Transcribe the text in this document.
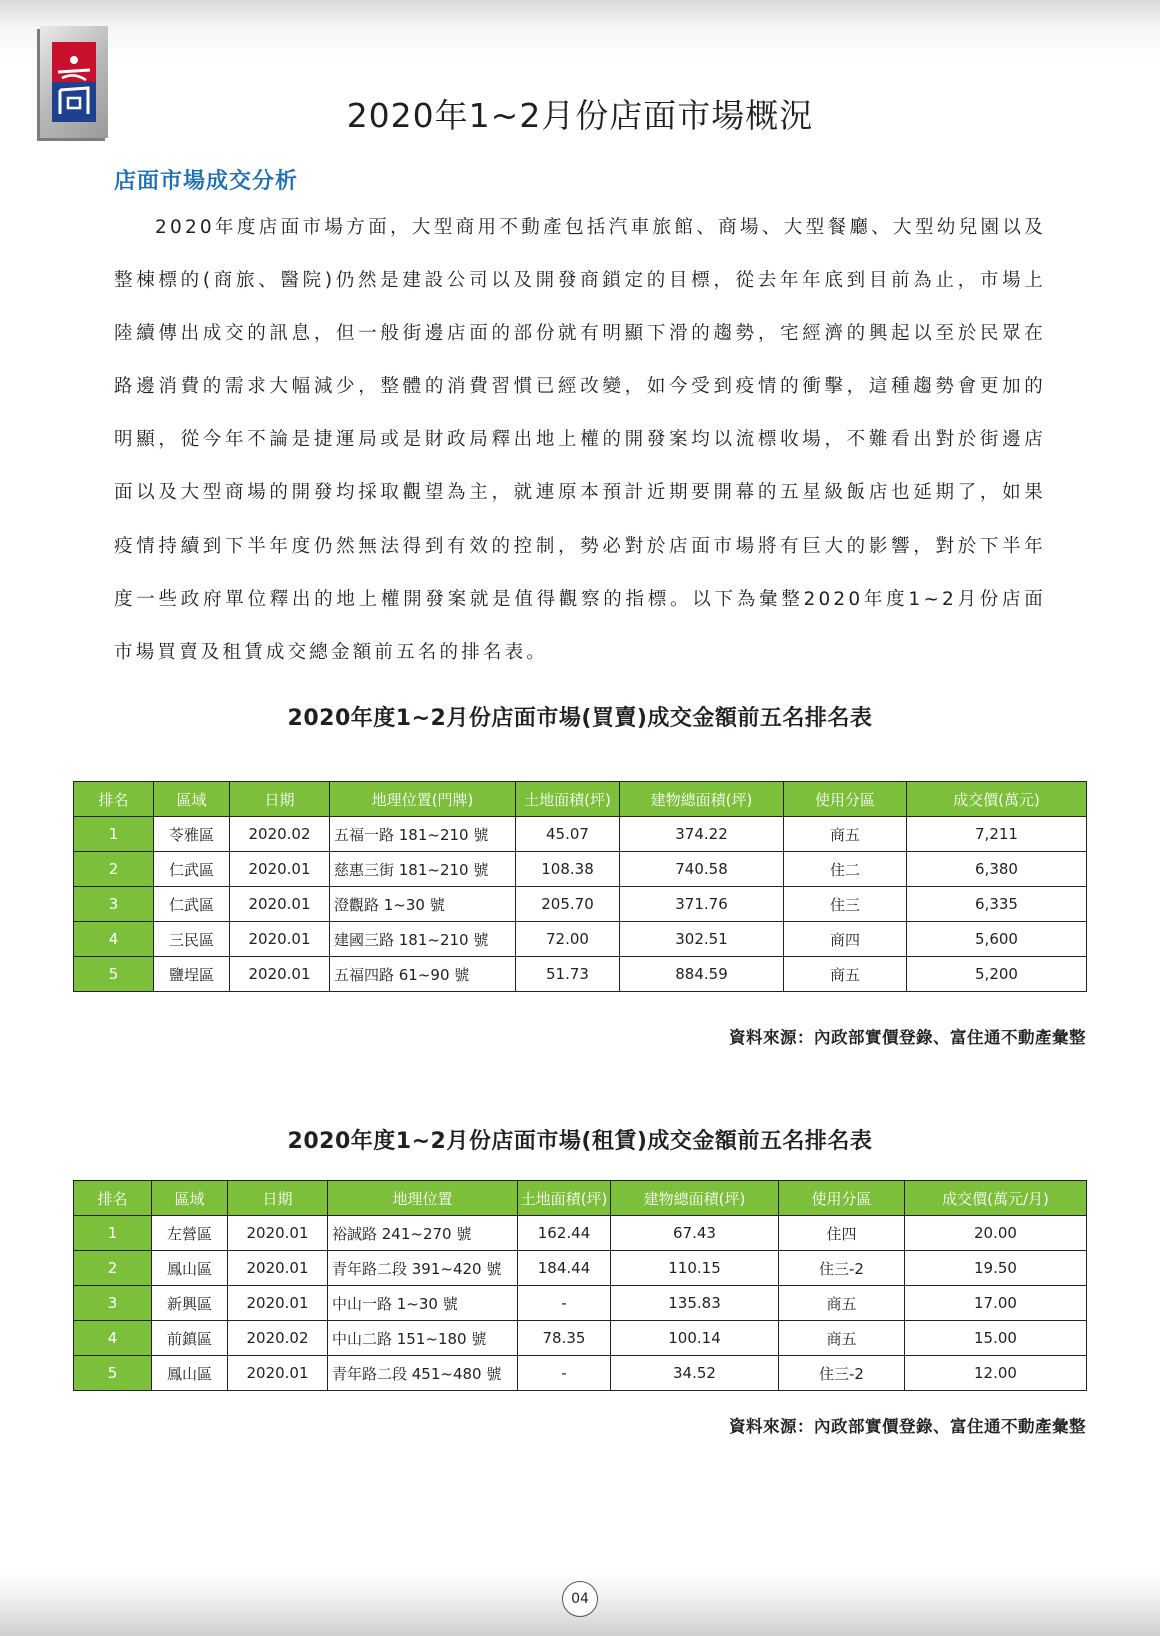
2020年1~2月份店面市場概況
店面市場成交分析
2020年度店面市場方面，大型商用不動產包括汽車旅館、商場、大型餐廳、大型幼兒園以及整棟標的(商旅、醫院)仍然是建設公司以及開發商鎖定的目標，從去年年底到目前為止，市場上陸續傳出成交的訊息，但一般街邊店面的部份就有明顯下滑的趨勢，宅經濟的興起以至於民眾在路邊消費的需求大幅減少，整體的消費習慣已經改變，如今受到疫情的衝擊，這種趨勢會更加的明顯，從今年不論是捷運局或是財政局釋出地上權的開發案均以流標收場，不難看出對於街邊店面以及大型商場的開發均採取觀望為主，就連原本預計近期要開幕的五星級飯店也延期了，如果疫情持續到下半年度仍然無法得到有效的控制，勢必對於店面市場將有巨大的影響，對於下半年度一些政府單位釋出的地上權開發案就是值得觀察的指標。以下為彙整2020年度1~2月份店面市場買賣及租賃成交總金額前五名的排名表。
2020年度1~2月份店面市場(買賣)成交金額前五名排名表
排名	區域	日期	地理位置(門牌)	土地面積(坪)	建物總面積(坪)	使用分區	成交價(萬元)
1	苓雅區	2020.02	五福一路 181~210 號	45.07	374.22	商五	7,211
2	仁武區	2020.01	慈惠三街 181~210 號	108.38	740.58	住二	6,380
3	仁武區	2020.01	澄觀路 1~30 號	205.70	371.76	住三	6,335
4	三民區	2020.01	建國三路 181~210 號	72.00	302.51	商四	5,600
5	鹽埕區	2020.01	五福四路 61~90 號	51.73	884.59	商五	5,200
資料來源：內政部實價登錄、富住通不動產彙整
2020年度1~2月份店面市場(租賃)成交金額前五名排名表
排名	區域	日期	地理位置	土地面積(坪)	建物總面積(坪)	使用分區	成交價(萬元/月)
1	左營區	2020.01	裕誠路 241~270 號	162.44	67.43	住四	20.00
2	鳳山區	2020.01	青年路二段 391~420 號	184.44	110.15	住三-2	19.50
3	新興區	2020.01	中山一路 1~30 號	-	135.83	商五	17.00
4	前鎮區	2020.02	中山二路 151~180 號	78.35	100.14	商五	15.00
5	鳳山區	2020.01	青年路二段 451~480 號	-	34.52	住三-2	12.00
資料來源：內政部實價登錄、富住通不動產彙整
04
